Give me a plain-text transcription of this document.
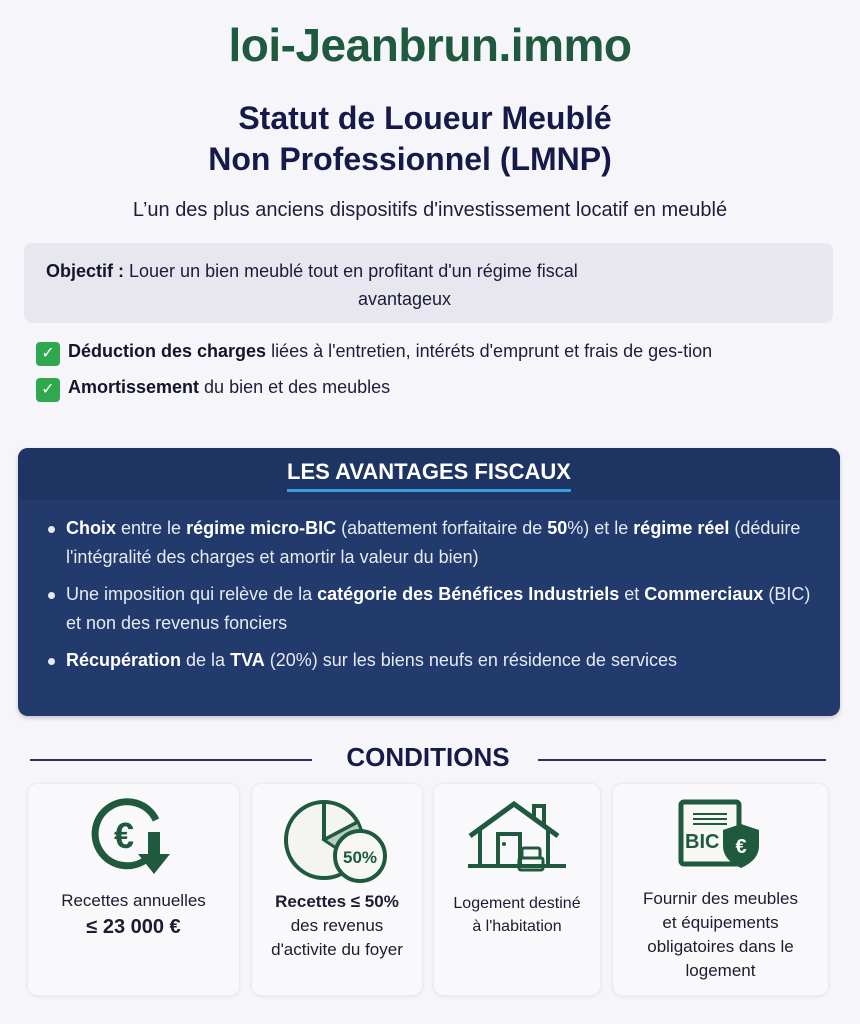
loi-Jeanbrun.immo
Statut de Loueur Meublé
Non Professionnel (LMNP)
L’un des plus anciens dispositifs d'investissement locatif en meublé
Objectif : Louer un bien meublé tout en profitant d'un régime fiscal
avantageux
✓ Déduction des charges liées à l'entretien, intéréts d'emprunt et frais de ges-tion
✓ Amortissement du bien et des meubles
LES AVANTAGES FISCAUX
Choix entre le régime micro-BIC (abattement forfaitaire de 50%) et le régime réel (déduire l'intégralité des charges et amortir la valeur du bien)
Une imposition qui relève de la catégorie des Bénéfices Industriels et Commerciaux (BIC) et non des revenus fonciers
Récupération de la TVA (20%) sur les biens neufs en résidence de services
CONDITIONS
€
Recettes annuelles
≤ 23 000 €
50%
Recettes ≤ 50%
des revenus
d'activite du foyer
Logement destiné
à l'habitation
BIC €
Fournir des meubles
et équipements
obligatoires dans le
logement
